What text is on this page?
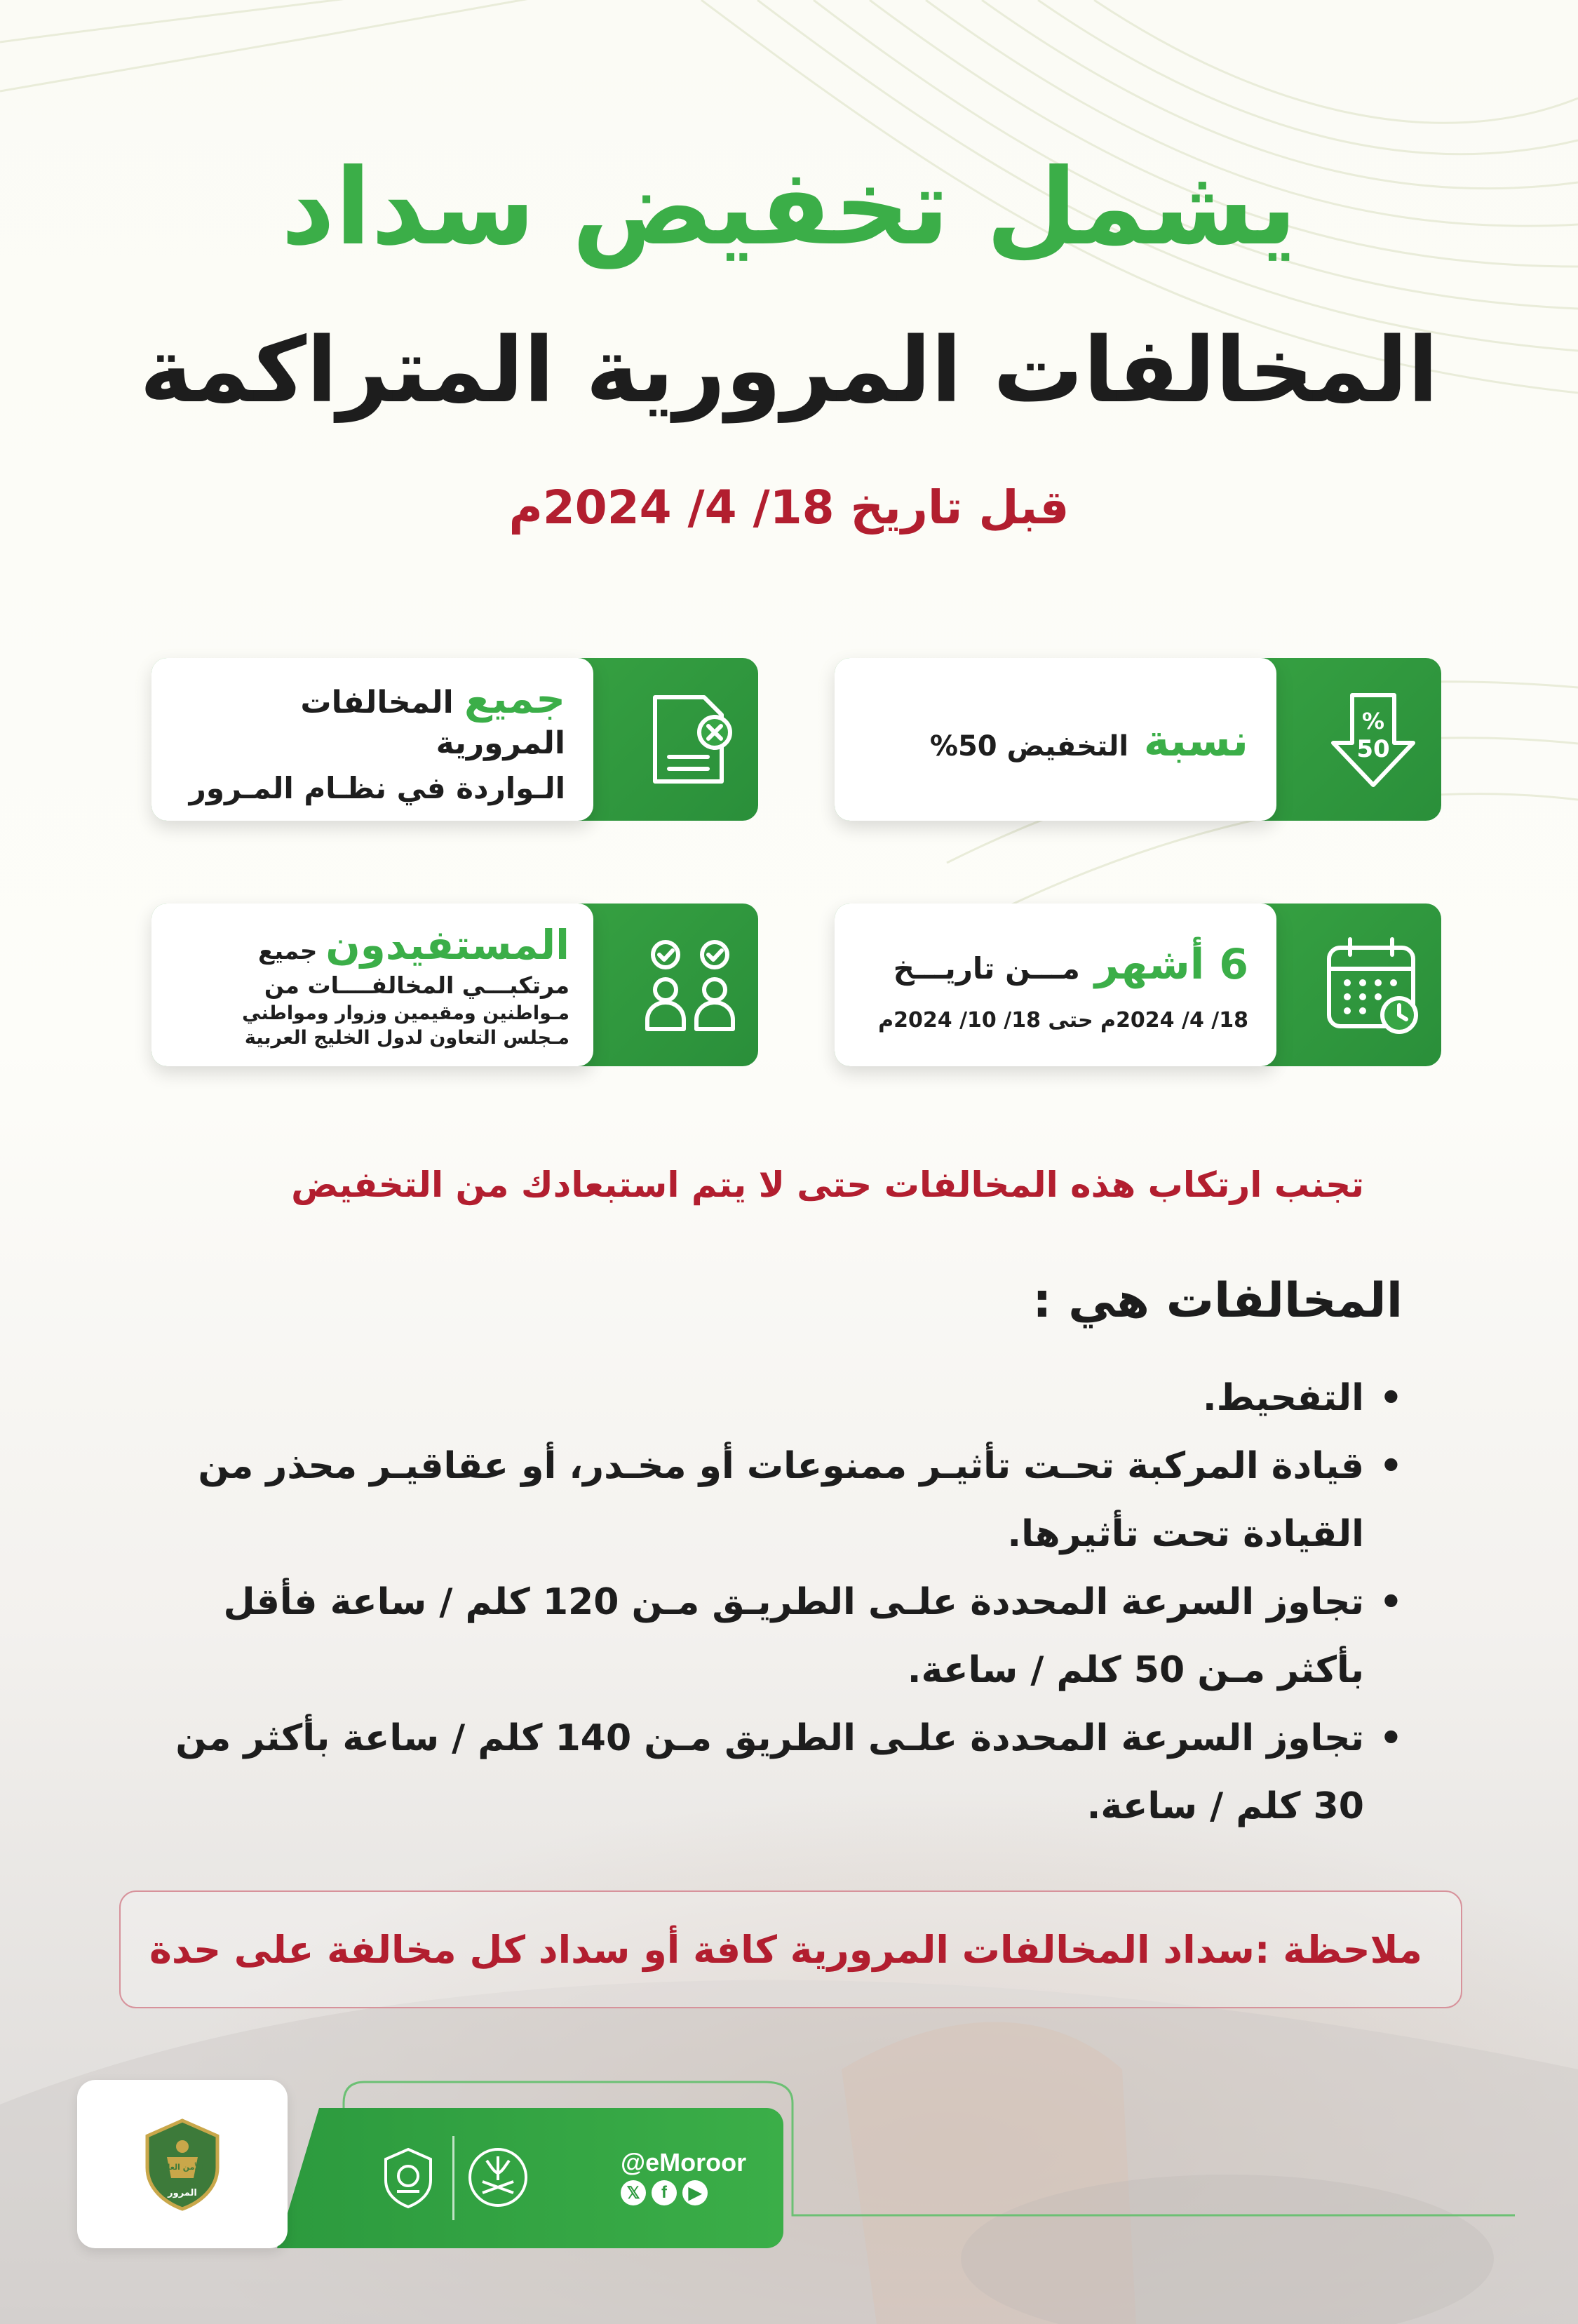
يشمل تخفيض سداد
المخالفات المرورية المتراكمة
قبل تاريخ 18/ 4/ 2024م
نسبة التخفيض 50%
%
50
جميع المخالفات المرورية
الـواردة في نظـام المـرور
6 أشهر مـــن تاريـــخ
18/ 4/ 2024م حتى 18/ 10/ 2024م
المستفيدون جميع
مرتكبـــي المخالفــــات من
مـواطنين ومقيمين وزوار ومواطني
مـجلس التعاون لدول الخليج العربية
تجنب ارتكاب هذه المخالفات حتى لا يتم استبعادك من التخفيض
المخالفات هي :
• التفحيط.
• قيادة المركبة تحـت تأثيـر ممنوعات أو مخـدر، أو عقاقيـر محذر من القيادة تحت تأثيرها.
• تجاوز السرعة المحددة علـى الطريـق مـن 120 كلم / ساعة فأقل بأكثر مـن 50 كلم / ساعة.
• تجاوز السرعة المحددة علـى الطريق مـن 140 كلم / ساعة بأكثر من 30 كلم / ساعة.
ملاحظة :سداد المخالفات المرورية كافة أو سداد كل مخالفة على حدة
المرور
الأمن العام	@eMoroor
𝕏	f	▶
